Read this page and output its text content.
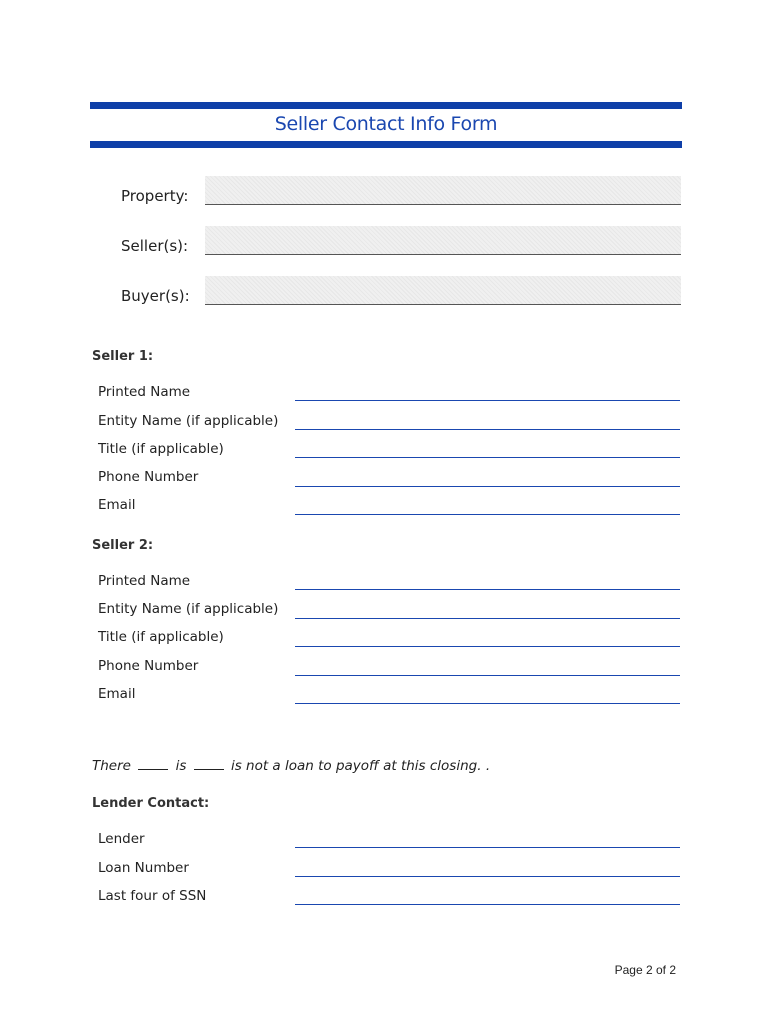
Seller Contact Info Form
Property:
Seller(s):
Buyer(s):
Seller 1:
Printed Name
Entity Name (if applicable)
Title (if applicable)
Phone Number
Email
Seller 2:
Printed Name
Entity Name (if applicable)
Title (if applicable)
Phone Number
Email
There	is	is not a loan to payoff at this closing. .
Lender Contact:
Lender
Loan Number
Last four of SSN
Page 2 of 2
